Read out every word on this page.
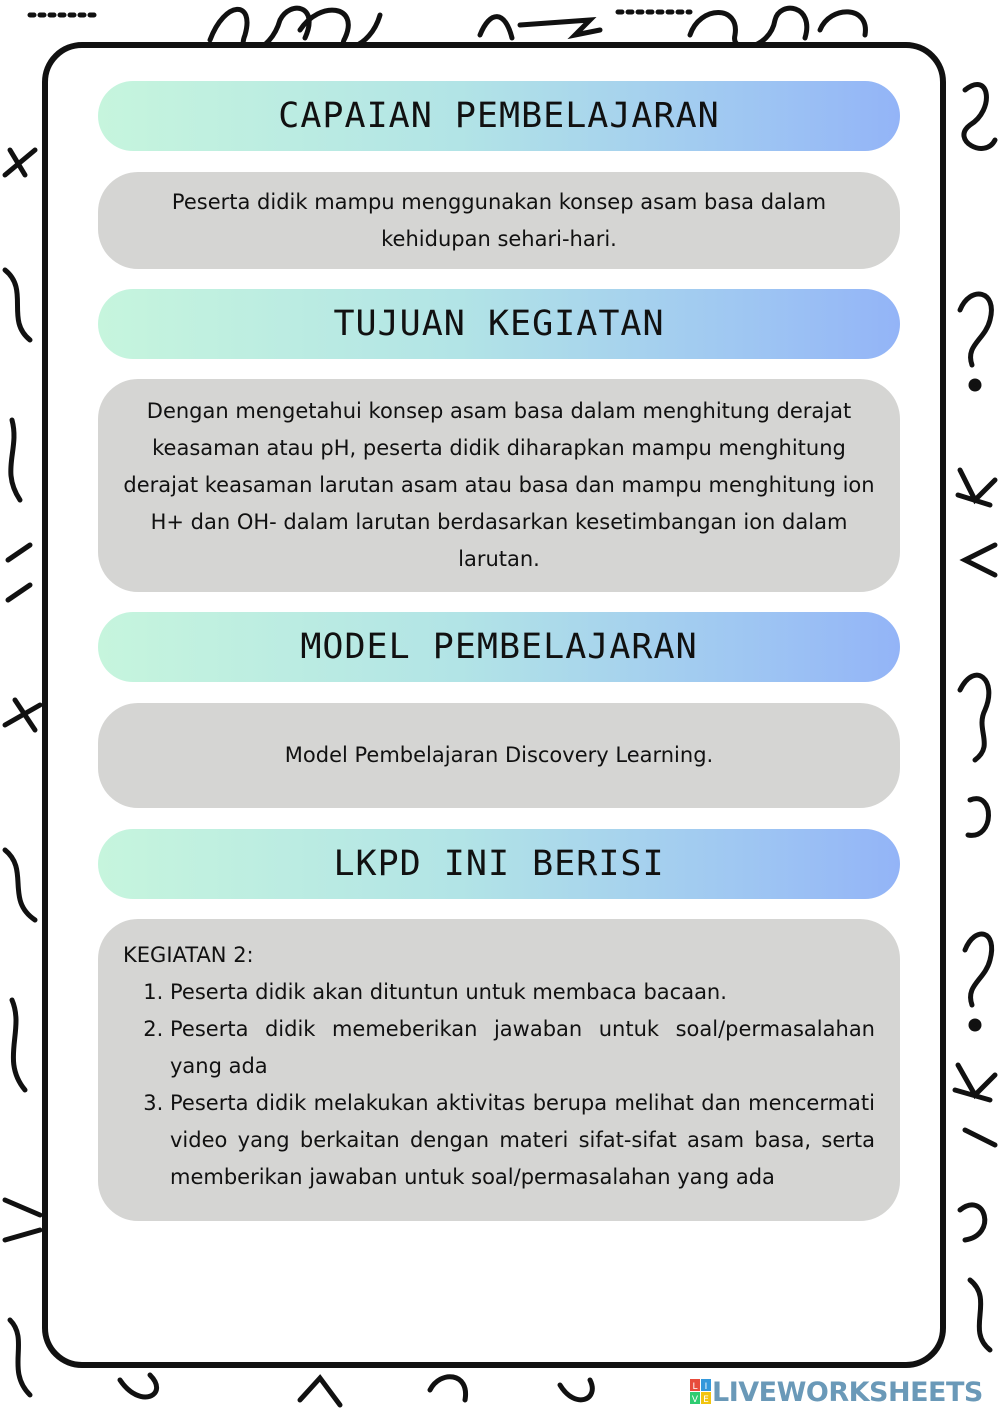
CAPAIAN PEMBELAJARAN
Peserta didik mampu menggunakan konsep asam basa dalam kehidupan sehari-hari.
TUJUAN KEGIATAN
Dengan mengetahui konsep asam basa dalam menghitung derajat keasaman atau pH, peserta didik diharapkan mampu menghitung derajat keasaman larutan asam atau basa dan mampu menghitung ion H+ dan OH- dalam larutan berdasarkan kesetimbangan ion dalam larutan.
MODEL PEMBELAJARAN
Model Pembelajaran Discovery Learning.
LKPD INI BERISI

KEGIATAN 2:

1. Peserta didik akan dituntun untuk membaca bacaan.
2. Peserta didik memeberikan jawaban untuk soal/permasalahan yang ada
3. Peserta didik melakukan aktivitas berupa melihat dan mencermati video yang berkaitan dengan materi sifat-sifat asam basa, serta memberikan jawaban untuk soal/permasalahan yang ada
L I
V E LIVEWORKSHEETS
